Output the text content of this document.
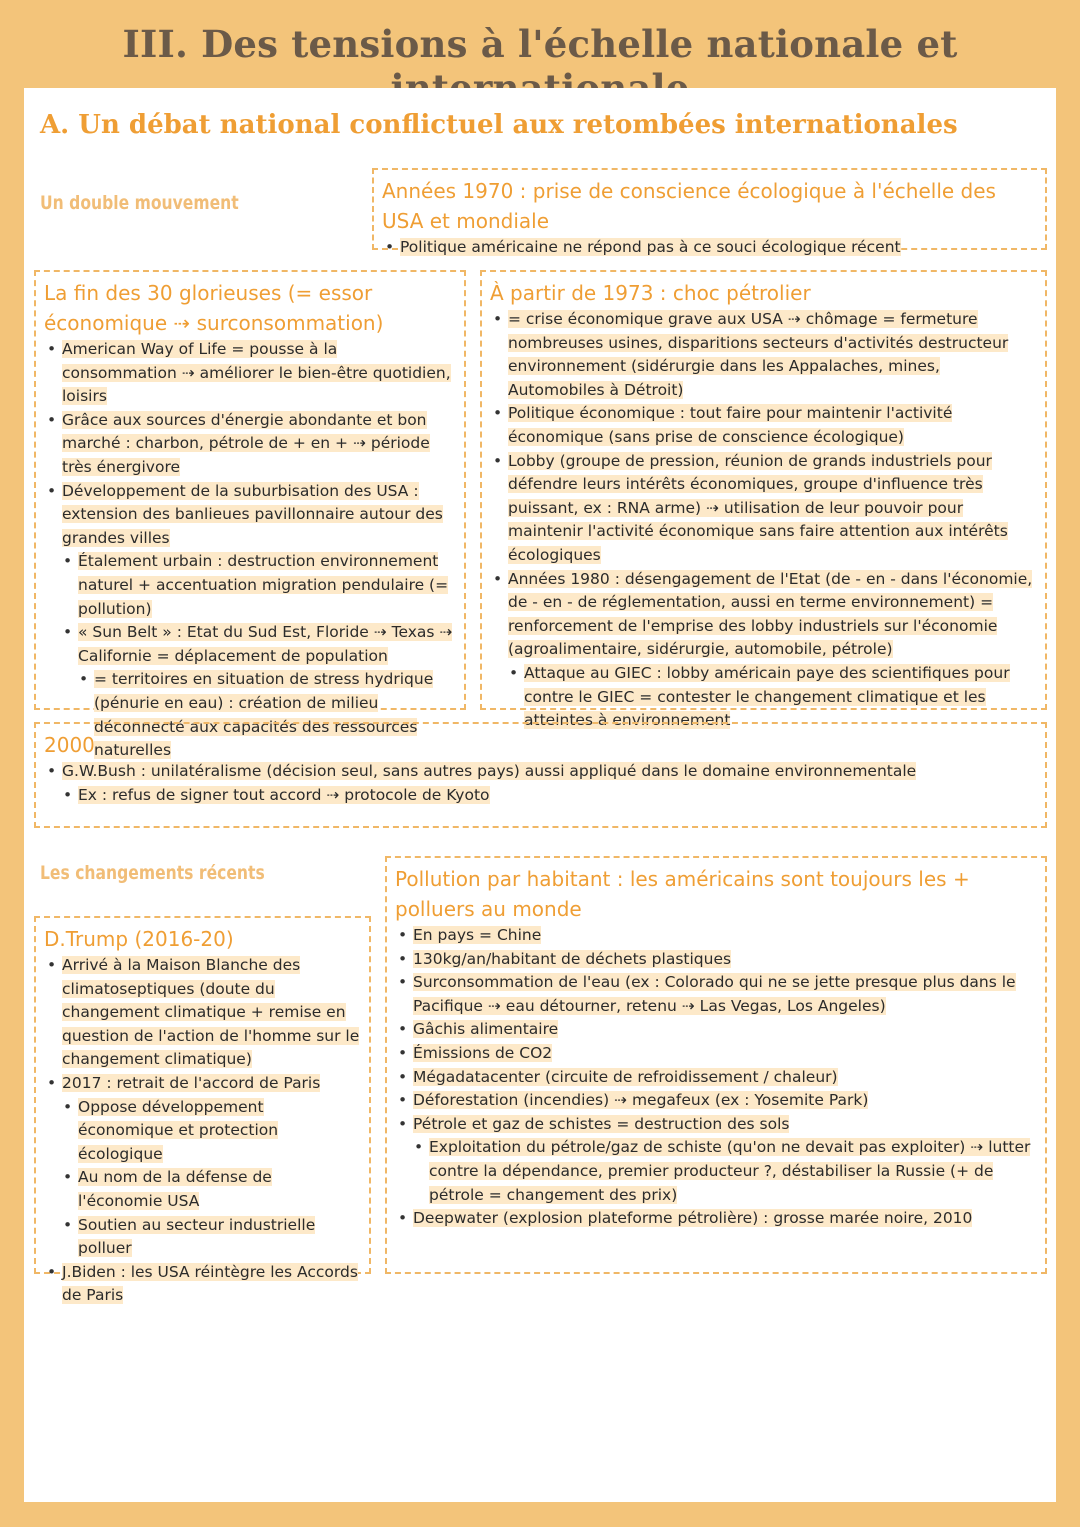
III. Des tensions à l'échelle nationale et
A. Un débat national conflictuel aux retombées internationales
Un double mouvement	Années 1970 : prise de conscience écologique à l'échelle des USA et mondiale
• Politique américaine ne répond pas à ce souci écologique récent
La fin des 30 glorieuses (= essor économique ⇢ surconsommation)
• American Way of Life = pousse à la consommation ⇢ améliorer le bien-être quotidien, loisirs
• Grâce aux sources d'énergie abondante et bon marché : charbon, pétrole de + en + ⇢ période très énergivore
• Développement de la suburbisation des USA : extension des banlieues pavillonnaire autour des grandes villes
• Étalement urbain : destruction environnement naturel + accentuation migration pendulaire (= pollution)
• « Sun Belt » : Etat du Sud Est, Floride ⇢ Texas ⇢ Californie = déplacement de population
• = territoires en situation de stress hydrique (pénurie en eau) : création de milieu déconnecté aux capacités des ressources naturelles
À partir de 1973 : choc pétrolier
• = crise économique grave aux USA ⇢ chômage = fermeture nombreuses usines, disparitions secteurs d'activités destructeur environnement (sidérurgie dans les Appalaches, mines, Automobiles à Détroit)
• Politique économique : tout faire pour maintenir l'activité économique (sans prise de conscience écologique)
• Lobby (groupe de pression, réunion de grands industriels pour défendre leurs intérêts économiques, groupe d'influence très puissant, ex : RNA arme) ⇢ utilisation de leur pouvoir pour maintenir l'activité économique sans faire attention aux intérêts écologiques
• Années 1980 : désengagement de l'Etat (de - en - dans l'économie, de - en - de réglementation, aussi en terme environnement) = renforcement de l'emprise des lobby industriels sur l'économie (agroalimentaire, sidérurgie, automobile, pétrole)
• Attaque au GIEC : lobby américain paye des scientifiques pour contre le GIEC = contester le changement climatique et les atteintes à environnement
2000
• G.W.Bush : unilatéralisme (décision seul, sans autres pays) aussi appliqué dans le domaine environnementale
• Ex : refus de signer tout accord ⇢ protocole de Kyoto
Les changements récents
D.Trump (2016-20)
• Arrivé à la Maison Blanche des climatoseptiques (doute du changement climatique + remise en question de l'action de l'homme sur le changement climatique)
• 2017 : retrait de l'accord de Paris
• Oppose développement économique et protection écologique
• Au nom de la défense de l'économie USA
• Soutien au secteur industrielle polluer
• J.Biden : les USA réintègre les Accords de Paris
Pollution par habitant : les américains sont toujours les + polluers au monde
• En pays = Chine
• 130kg/an/habitant de déchets plastiques
• Surconsommation de l'eau (ex : Colorado qui ne se jette presque plus dans le Pacifique ⇢ eau détourner, retenu ⇢ Las Vegas, Los Angeles)
• Gâchis alimentaire
• Émissions de CO2
• Mégadatacenter (circuite de refroidissement / chaleur)
• Déforestation (incendies) ⇢ megafeux (ex : Yosemite Park)
• Pétrole et gaz de schistes = destruction des sols
• Exploitation du pétrole/gaz de schiste (qu'on ne devait pas exploiter) ⇢ lutter contre la dépendance, premier producteur ?, déstabiliser la Russie (+ de pétrole = changement des prix)
• Deepwater (explosion plateforme pétrolière) : grosse marée noire, 2010
